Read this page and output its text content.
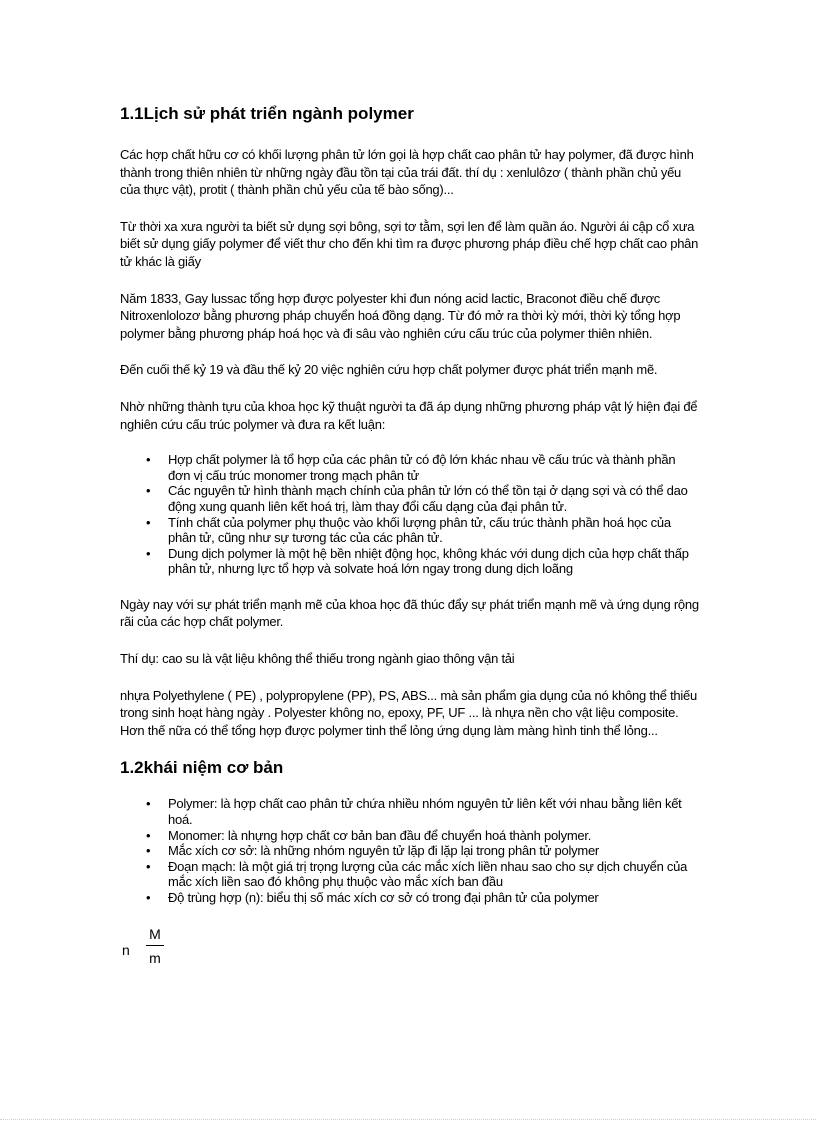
1.1Lịch sử phát triển ngành polymer

Các hợp chất hữu cơ có khối lượng phân tử lớn gọi là hợp chất cao phân tử hay polymer, đã được hình thành trong thiên nhiên từ những ngày đầu tồn tại của trái đất. thí dụ : xenlulôzơ ( thành phần chủ yếu của thực vật), protit ( thành phần chủ yếu của tế bào sống)...

Từ thời xa xưa người ta biết sử dụng sợi bông, sợi tơ tằm, sợi len để làm quần áo. Người ái cập cổ xưa biết sử dụng giấy polymer để viết thư cho đến khi tìm ra được phương pháp điều chế hợp chất cao phân tử khác là giấy

Năm 1833, Gay lussac tổng hợp được polyester khi đun nóng acid lactic, Braconot điều chế được Nitroxenlolozơ bằng phương pháp chuyển hoá đồng dạng. Từ đó mở ra thời kỳ mới, thời kỳ tổng hợp polymer bằng phương pháp hoá học và đi sâu vào nghiên cứu cấu trúc của polymer thiên nhiên.

Đến cuối thế kỷ 19 và đầu thế kỷ 20 việc nghiên cứu hợp chất polymer được phát triển mạnh mẽ.

Nhờ những thành tựu của khoa học kỹ thuật người ta đã áp dụng những phương pháp vật lý hiện đại để nghiên cứu cấu trúc polymer và đưa ra kết luận:

• Hợp chất polymer là tổ hợp của các phân tử có độ lớn khác nhau về cấu trúc và thành phần đơn vị cấu trúc monomer trong mạch phân tử
• Các nguyên tử hình thành mạch chính của phân tử lớn có thể tồn tại ở dạng sợi và có thể dao động xung quanh liên kết hoá trị, làm thay đổi cấu dạng của đại phân tử.
• Tính chất của polymer phụ thuộc vào khối lượng phân tử, cấu trúc thành phần hoá học của phân tử, cũng như sự tương tác của các phân tử.
• Dung dịch polymer là một hệ bền nhiệt động học, không khác với dung dịch của hợp chất thấp phân tử, nhưng lực tổ hợp và solvate hoá lớn ngay trong dung dịch loãng

Ngày nay với sự phát triển mạnh mẽ của khoa học đã thúc đẩy sự phát triển mạnh mẽ và ứng dụng rộng rãi của các hợp chất polymer.

Thí dụ: cao su là vật liệu không thể thiếu trong ngành giao thông vận tải

nhựa Polyethylene ( PE) , polypropylene (PP), PS, ABS... mà sản phẩm gia dụng của nó không thể thiếu trong sinh hoạt hàng ngày . Polyester không no, epoxy, PF, UF ... là nhựa nền cho vật liệu composite. Hơn thế nữa có thể tổng hợp được polymer tinh thể lỏng ứng dụng làm màng hình tinh thể lỏng...

1.2khái niệm cơ bản
• Polymer: là hợp chất cao phân tử chứa nhiều nhóm nguyên tử liên kết với nhau bằng liên kết hoá.
• Monomer: là nhựng hợp chất cơ bản ban đầu để chuyển hoá thành polymer.
• Mắc xích cơ sở: là những nhóm nguyên tử lặp đi lặp lại trong phân tử polymer
• Đoạn mạch: là một giá trị trọng lượng của các mắc xích liền nhau sao cho sự dịch chuyển của mắc xích liền sao đó không phụ thuộc vào mắc xích ban đầu
• Độ trùng hợp (n): biểu thị số mác xích cơ sở có trong đại phân tử của polymer
n
M
m
